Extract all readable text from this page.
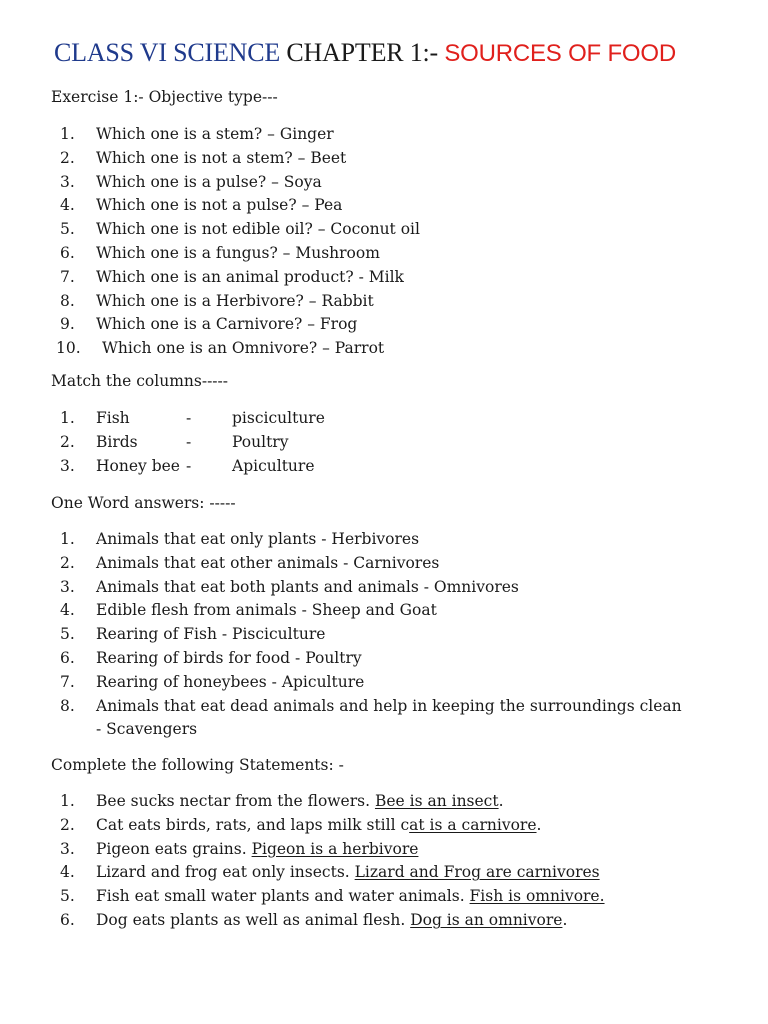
CLASS VI SCIENCE CHAPTER 1:- SOURCES OF FOOD
Exercise 1:- Objective type---
1.	Which one is a stem? – Ginger
2.	Which one is not a stem? – Beet
3.	Which one is a pulse? – Soya
4.	Which one is not a pulse? – Pea
5.	Which one is not edible oil? – Coconut oil
6.	Which one is a fungus? – Mushroom
7.	Which one is an animal product? - Milk
8.	Which one is a Herbivore? – Rabbit
9.	Which one is a Carnivore? – Frog
10.	Which one is an Omnivore? – Parrot
Match the columns-----
1.	Fish	-	pisciculture
2.	Birds	-	Poultry
3.	Honey bee -	Apiculture
One Word answers: -----
1.	Animals that eat only plants - Herbivores
2.	Animals that eat other animals - Carnivores
3.	Animals that eat both plants and animals - Omnivores
4.	Edible flesh from animals - Sheep and Goat
5.	Rearing of Fish - Pisciculture
6.	Rearing of birds for food - Poultry
7.	Rearing of honeybees - Apiculture
8.	Animals that eat dead animals and help in keeping the surroundings clean
- Scavengers
Complete the following Statements: -
1.	Bee sucks nectar from the flowers. Bee is an insect.
2.	Cat eats birds, rats, and laps milk still cat is a carnivore.
3.	Pigeon eats grains. Pigeon is a herbivore
4.	Lizard and frog eat only insects. Lizard and Frog are carnivores
5.	Fish eat small water plants and water animals. Fish is omnivore.
6.	Dog eats plants as well as animal flesh. Dog is an omnivore.
